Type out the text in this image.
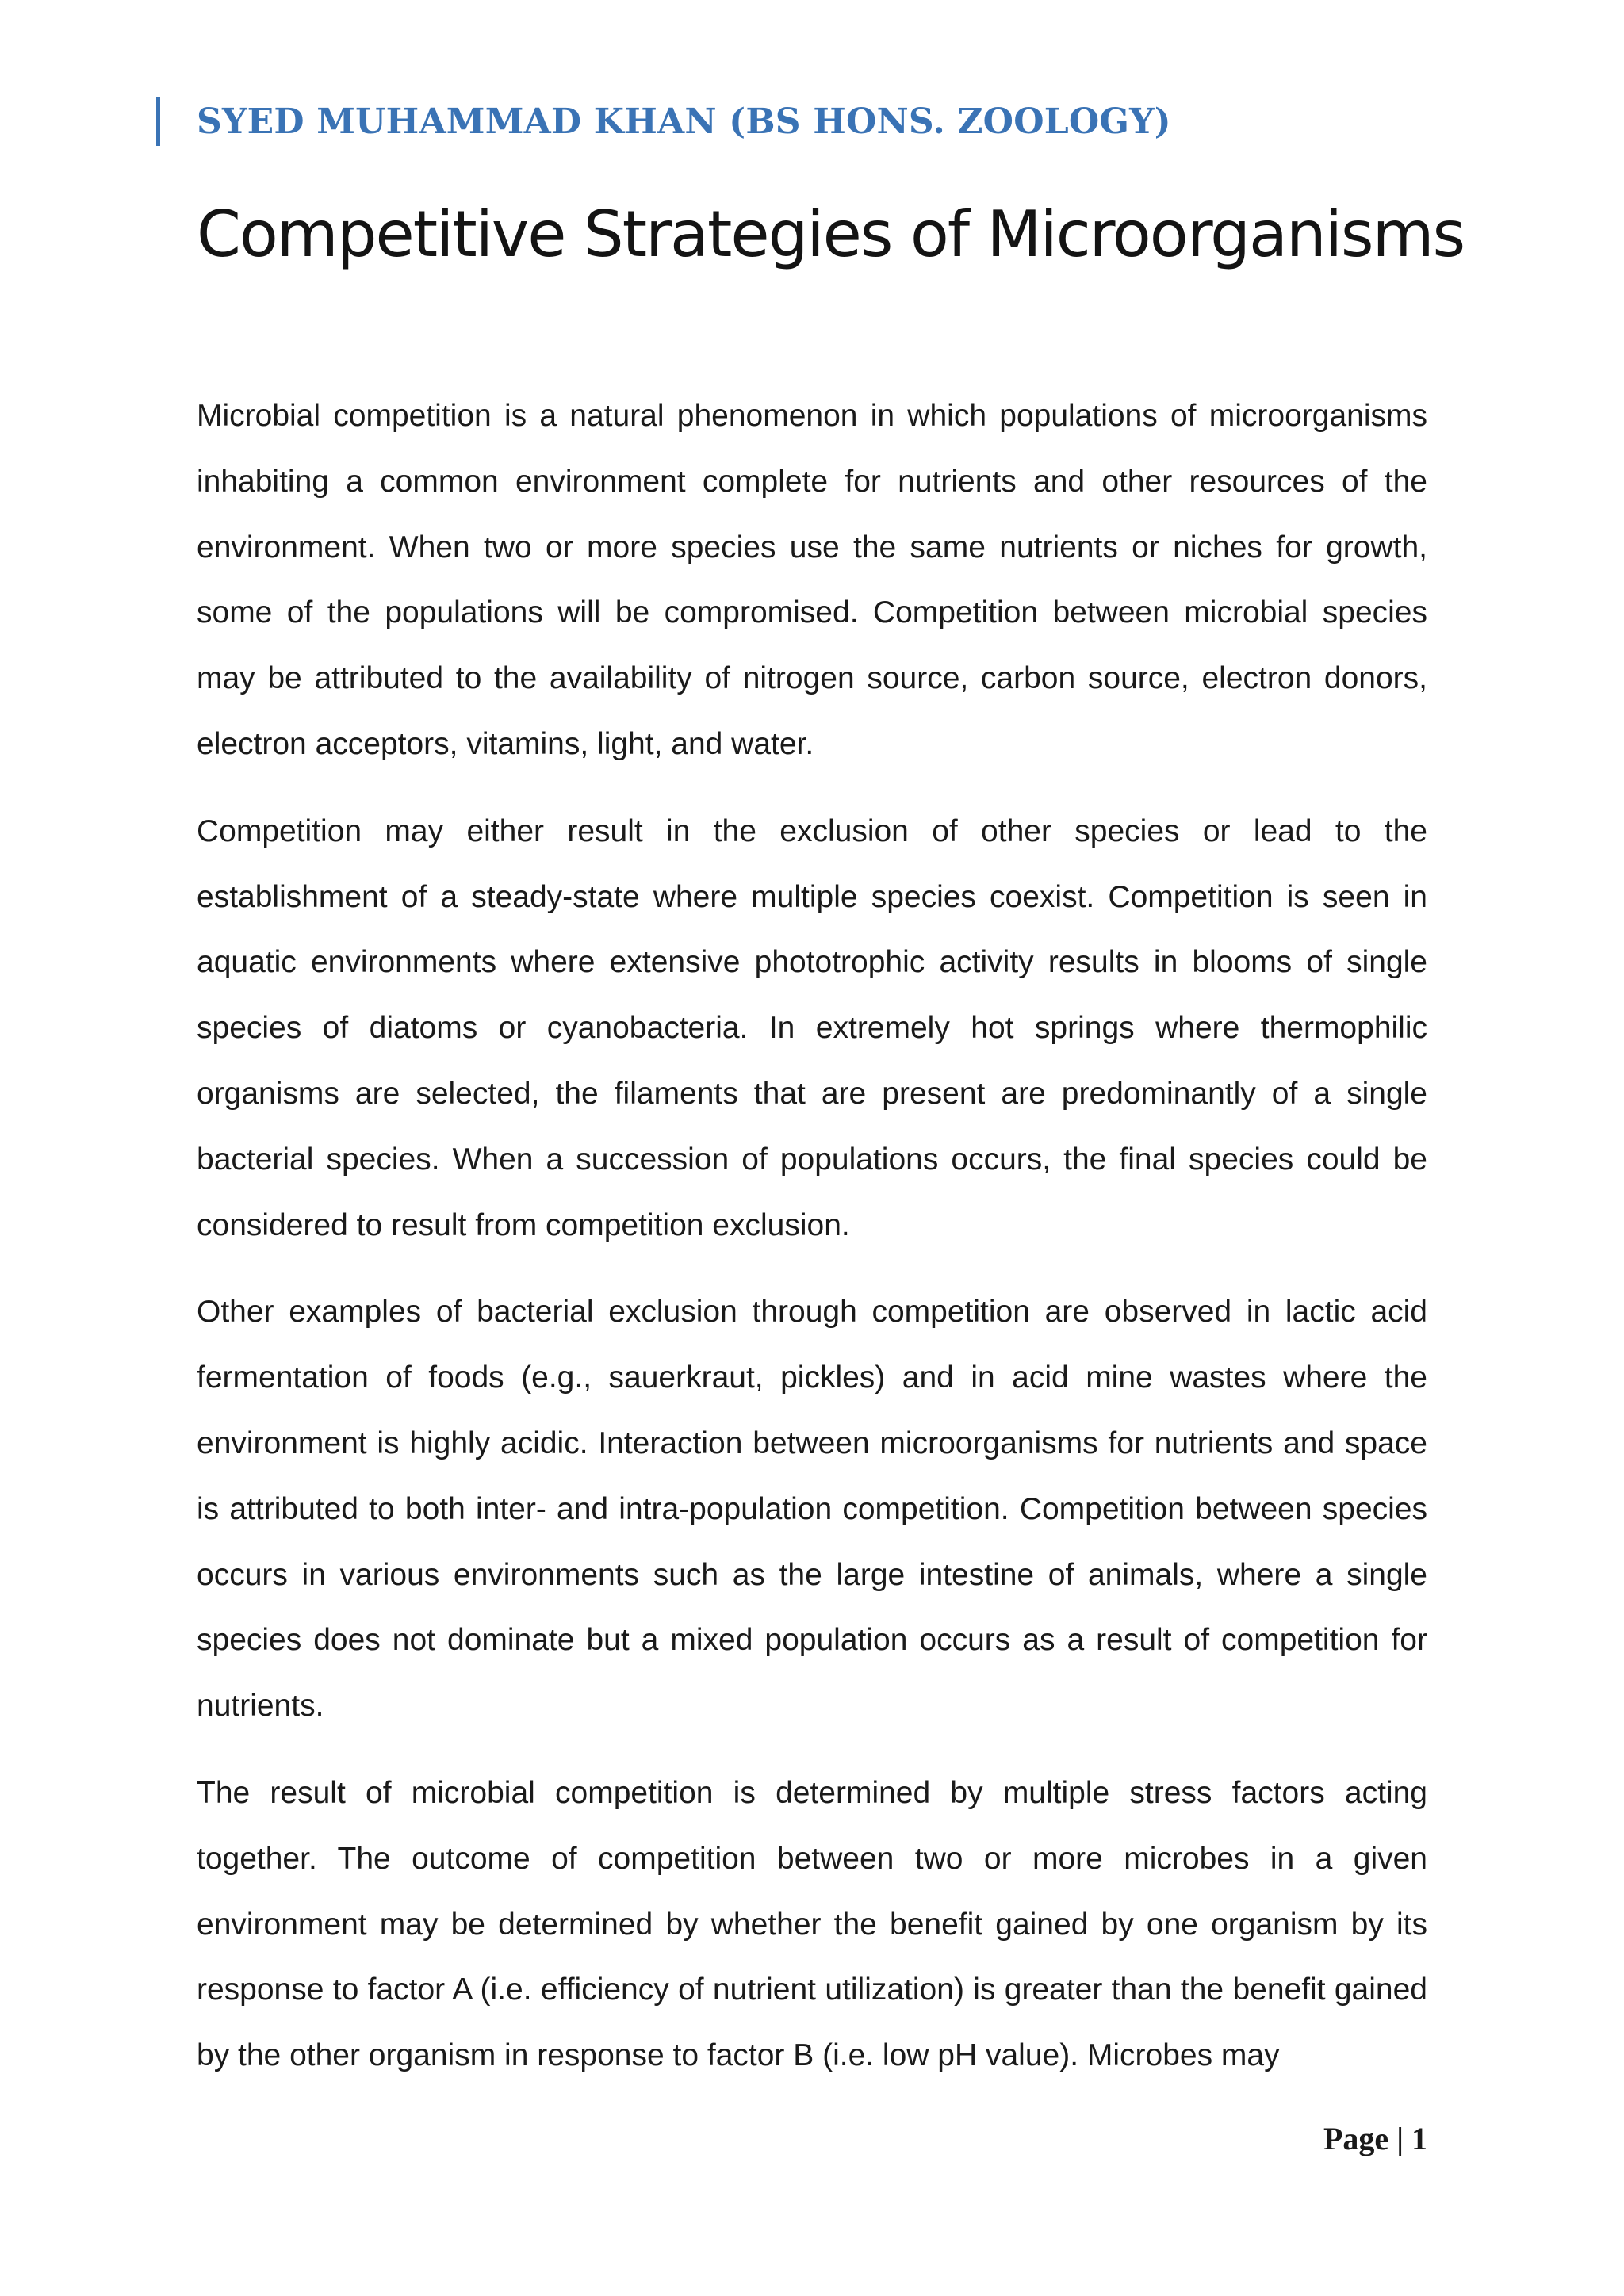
SYED MUHAMMAD KHAN (BS HONS. ZOOLOGY)
Competitive Strategies of Microorganisms

Microbial competition is a natural phenomenon in which populations of microorganisms inhabiting a common environment complete for nutrients and other resources of the environment. When two or more species use the same nutrients or niches for growth, some of the populations will be compromised. Competition between microbial species may be attributed to the availability of nitrogen source, carbon source, electron donors, electron acceptors, vitamins, light, and water.

Competition may either result in the exclusion of other species or lead to the establishment of a steady-state where multiple species coexist. Competition is seen in aquatic environments where extensive phototrophic activity results in blooms of single species of diatoms or cyanobacteria. In extremely hot springs where thermophilic organisms are selected, the filaments that are present are predominantly of a single bacterial species. When a succession of populations occurs, the final species could be considered to result from competition exclusion.

Other examples of bacterial exclusion through competition are observed in lactic acid fermentation of foods (e.g., sauerkraut, pickles) and in acid mine wastes where the environment is highly acidic. Interaction between microorganisms for nutrients and space is attributed to both inter- and intra-population competition. Competition between species occurs in various environments such as the large intestine of animals, where a single species does not dominate but a mixed population occurs as a result of competition for nutrients.

The result of microbial competition is determined by multiple stress factors acting together. The outcome of competition between two or more microbes in a given environment may be determined by whether the benefit gained by one organism by its response to factor A (i.e. efficiency of nutrient utilization) is greater than the benefit gained by the other organism in response to factor B (i.e. low pH value). Microbes may

Page | 1
